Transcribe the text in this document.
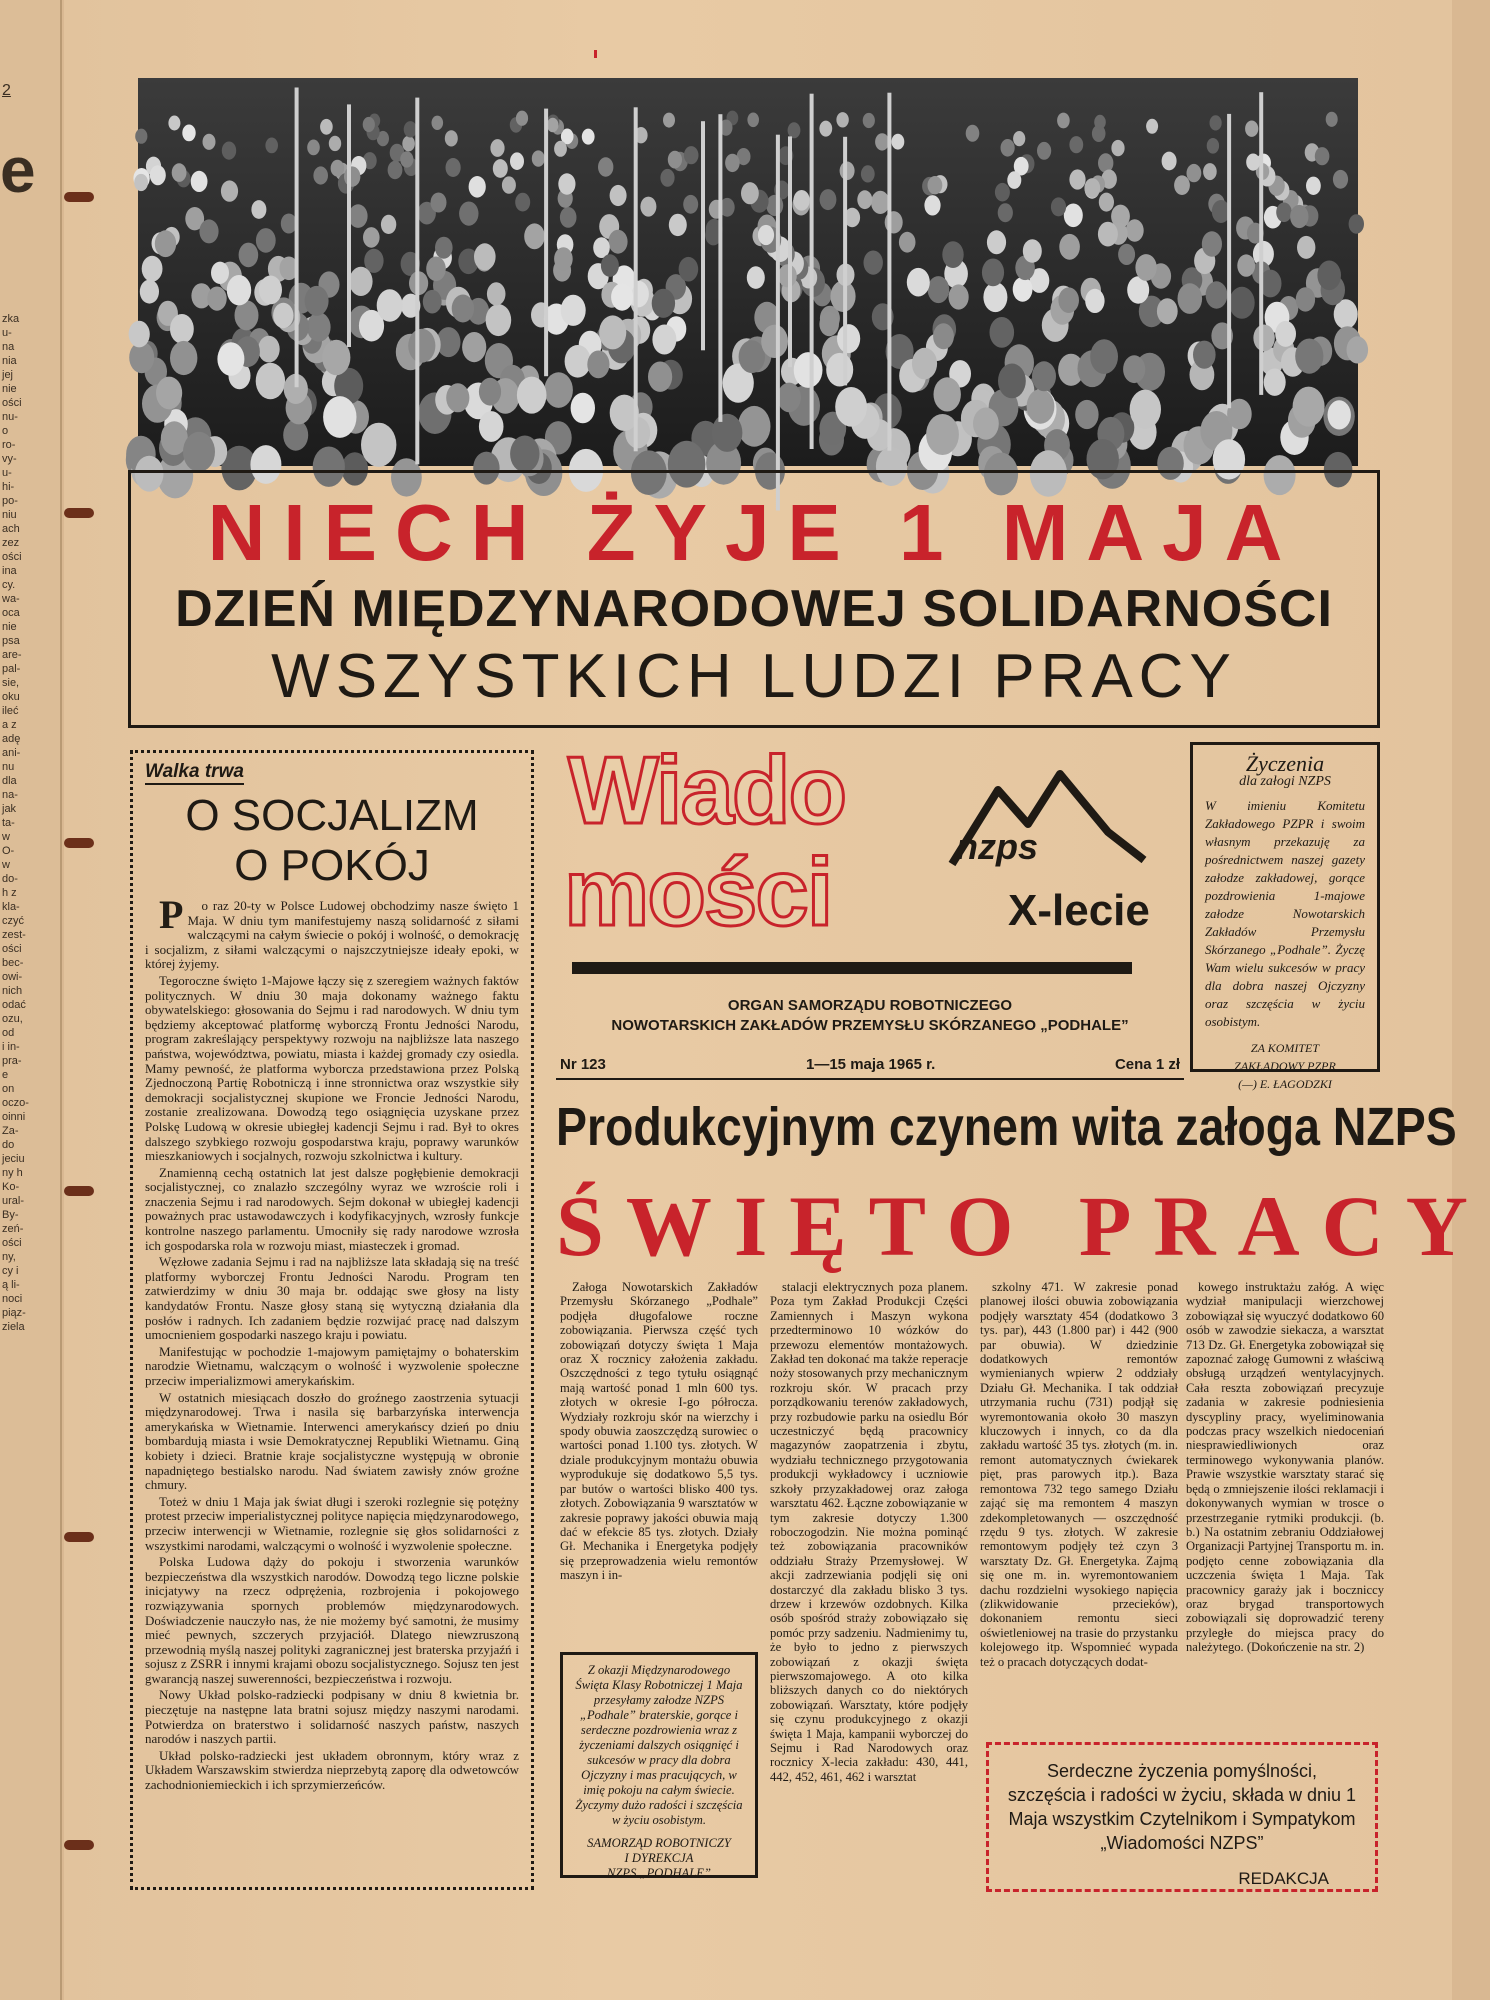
2
e
zka
u-
na
nia
jej
nie
ości
nu-
o
ro-
vy-
u-
hi-
po-
niu
ach
zez
ości
ina
cy.
wa-
oca
nie
psa
are-
pal-
sie,
oku
ileć
a z
adę
ani-
nu
dla
na-
jak
ta-
w
O-
w
do-
h z
kla-
czyć
zest-
ości
bec-
owi-
nich
odać
ozu,
od
i in-
pra-
e
on
oczo-
oinni
Za-
do
jeciu
ny h
Ko-
ural-
By-
zeń-
ości
ny,
cy i
ą li-
noci
piąz-
ziela
NIECH ŻYJE 1 MAJA
DZIEŃ MIĘDZYNARODOWEJ SOLIDARNOŚCI
WSZYSTKICH LUDZI PRACY
Walka trwa
O SOCJALIZM
O POKÓJ

Po raz 20-ty w Polsce Ludowej obchodzimy nasze święto 1 Maja. W dniu tym manifestujemy naszą solidarność z siłami walczącymi na całym świecie o pokój i wolność, o demokrację i socjalizm, z siłami walczącymi o najszczytniejsze ideały epoki, w której żyjemy.

Tegoroczne święto 1-Majowe łączy się z szeregiem ważnych faktów politycznych. W dniu 30 maja dokonamy ważnego faktu obywatelskiego: głosowania do Sejmu i rad narodowych. W dniu tym będziemy akceptować platformę wyborczą Frontu Jedności Narodu, program zakreślający perspektywy rozwoju na najbliższe lata naszego państwa, województwa, powiatu, miasta i każdej gromady czy osiedla. Mamy pewność, że platforma wyborcza przedstawiona przez Polską Zjednoczoną Partię Robotniczą i inne stronnictwa oraz wszystkie siły demokracji socjalistycznej skupione we Froncie Jedności Narodu, zostanie zrealizowana. Dowodzą tego osiągnięcia uzyskane przez Polskę Ludową w okresie ubiegłej kadencji Sejmu i rad. Był to okres dalszego szybkiego rozwoju gospodarstwa kraju, poprawy warunków mieszkaniowych i socjalnych, rozwoju szkolnictwa i kultury.

Znamienną cechą ostatnich lat jest dalsze pogłębienie demokracji socjalistycznej, co znalazło szczególny wyraz we wzroście roli i znaczenia Sejmu i rad narodowych. Sejm dokonał w ubiegłej kadencji poważnych prac ustawodawczych i kodyfikacyjnych, wzrosły funkcje kontrolne naszego parlamentu. Umocniły się rady narodowe wzrosła ich gospodarska rola w rozwoju miast, miasteczek i gromad.

Węzłowe zadania Sejmu i rad na najbliższe lata składają się na treść platformy wyborczej Frontu Jedności Narodu. Program ten zatwierdzimy w dniu 30 maja br. oddając swe głosy na listy kandydatów Frontu. Nasze głosy staną się wytyczną działania dla posłów i radnych. Ich zadaniem będzie rozwijać pracę nad dalszym umocnieniem gospodarki naszego kraju i powiatu.

Manifestując w pochodzie 1-majowym pamiętajmy o bohaterskim narodzie Wietnamu, walczącym o wolność i wyzwolenie społeczne przeciw imperializmowi amerykańskim.

W ostatnich miesiącach doszło do groźnego zaostrzenia sytuacji międzynarodowej. Trwa i nasila się barbarzyńska interwencja amerykańska w Wietnamie. Interwenci amerykańscy dzień po dniu bombardują miasta i wsie Demokratycznej Republiki Wietnamu. Giną kobiety i dzieci. Bratnie kraje socjalistyczne występują w obronie napadniętego bestialsko narodu. Nad światem zawisły znów groźne chmury.

Toteż w dniu 1 Maja jak świat długi i szeroki rozlegnie się potężny protest przeciw imperialistycznej polityce napięcia międzynarodowego, przeciw interwencji w Wietnamie, rozlegnie się głos solidarności z wszystkimi narodami, walczącymi o wolność i wyzwolenie społeczne.

Polska Ludowa dąży do pokoju i stworzenia warunków bezpieczeństwa dla wszystkich narodów. Dowodzą tego liczne polskie inicjatywy na rzecz odprężenia, rozbrojenia i pokojowego rozwiązywania spornych problemów międzynarodowych. Doświadczenie nauczyło nas, że nie możemy być samotni, że musimy mieć pewnych, szczerych przyjaciół. Dlatego niewzruszoną przewodnią myślą naszej polityki zagranicznej jest braterska przyjaźń i sojusz z ZSRR i innymi krajami obozu socjalistycznego. Sojusz ten jest gwarancją naszej suwerenności, bezpieczeństwa i rozwoju.

Nowy Układ polsko-radziecki podpisany w dniu 8 kwietnia br. pieczętuje na następne lata bratni sojusz między naszymi narodami. Potwierdza on braterstwo i solidarność naszych państw, naszych narodów i naszych partii.

Układ polsko-radziecki jest układem obronnym, który wraz z Układem Warszawskim stwierdza nieprzebytą zaporę dla odwetowców zachodnioniemieckich i ich sprzymierzeńców.

Wiado
mości	nzps
X-lecie
ORGAN SAMORZĄDU ROBOTNICZEGO
NOWOTARSKICH ZAKŁADÓW PRZEMYSŁU SKÓRZANEGO „PODHALE”
Nr 123	1—15 maja 1965 r.	Cena 1 zł
Życzenia
dla załogi NZPS
W imieniu Komitetu Zakładowego PZPR i swoim własnym przekazuję za pośrednictwem naszej gazety załodze zakładowej, gorące pozdrowienia 1-majowe załodze Nowotarskich Zakładów Przemysłu Skórzanego „Podhale”. Życzę Wam wielu sukcesów w pracy dla dobra naszej Ojczyzny oraz szczęścia w życiu osobistym.
ZA KOMITET
ZAKŁADOWY PZPR
(—) E. ŁAGODZKI
Produkcyjnym czynem wita załoga NZPS
ŚWIĘTO PRACY

Załoga Nowotarskich Zakładów Przemysłu Skórzanego „Podhale” podjęła długofalowe roczne zobowiązania. Pierwsza część tych zobowiązań dotyczy święta 1 Maja oraz X rocznicy założenia zakładu. Oszczędności z tego tytułu osiągnąć mają wartość ponad 1 mln 600 tys. złotych w okresie I-go półrocza. Wydziały rozkroju skór na wierzchy i spody obuwia zaoszczędzą surowiec o wartości ponad 1.100 tys. złotych. W dziale produkcyjnym montażu obuwia wyprodukuje się dodatkowo 5,5 tys. par butów o wartości blisko 400 tys. złotych. Zobowiązania 9 warsztatów w zakresie poprawy jakości obuwia mają dać w efekcie 85 tys. złotych. Działy Gł. Mechanika i Energetyka podjęły się przeprowadzenia wielu remontów maszyn i in-

stalacji elektrycznych poza planem. Poza tym Zakład Produkcji Części Zamiennych i Maszyn wykona przedterminowo 10 wózków do przewozu elementów montażowych. Zakład ten dokonać ma także reperacje noży stosowanych przy mechanicznym rozkroju skór. W pracach przy porządkowaniu terenów zakładowych, przy rozbudowie parku na osiedlu Bór uczestniczyć będą pracownicy magazynów zaopatrzenia i zbytu, wydziału technicznego przygotowania produkcji wykładowcy i uczniowie szkoły przyzakładowej oraz załoga warsztatu 462. Łączne zobowiązanie w tym zakresie dotyczy 1.300 roboczogodzin. Nie można pominąć też zobowiązania pracowników oddziału Straży Przemysłowej. W akcji zadrzewiania podjęli się oni dostarczyć dla zakładu blisko 3 tys. drzew i krzewów ozdobnych. Kilka osób spośród straży zobowiązało się pomóc przy sadzeniu. Nadmienimy tu, że było to jedno z pierwszych zobowiązań z okazji święta pierwszomajowego. A oto kilka bliższych danych co do niektórych zobowiązań. Warsztaty, które podjęły się czynu produkcyjnego z okazji święta 1 Maja, kampanii wyborczej do Sejmu i Rad Narodowych oraz rocznicy X-lecia zakładu: 430, 441, 442, 452, 461, 462 i warsztat

szkolny 471. W zakresie ponad planowej ilości obuwia zobowiązania podjęły warsztaty 454 (dodatkowo 3 tys. par), 443 (1.800 par) i 442 (900 par obuwia). W dziedzinie dodatkowych remontów wymienianych wpierw 2 oddziały Działu Gł. Mechanika. I tak oddział utrzymania ruchu (731) podjął się wyremontowania około 30 maszyn kluczowych i innych, co da dla zakładu wartość 35 tys. złotych (m. in. remont automatycznych ćwiekarek pięt, pras parowych itp.). Baza remontowa 732 tego samego Działu zająć się ma remontem 4 maszyn zdekompletowanych — oszczędność rzędu 9 tys. złotych. W zakresie remontowym podjęły też czyn 3 warsztaty Dz. Gł. Energetyka. Zajmą się one m. in. wyremontowaniem dachu rozdzielni wysokiego napięcia (zlikwidowanie przecieków), dokonaniem remontu sieci oświetleniowej na trasie do przystanku kolejowego itp. Wspomnieć wypada też o pracach dotyczących dodat-

kowego instruktażu załóg. A więc wydział manipulacji wierzchowej zobowiązał się wyuczyć dodatkowo 60 osób w zawodzie siekacza, a warsztat 713 Dz. Gł. Energetyka zobowiązał się zapoznać załogę Gumowni z właściwą obsługą urządzeń wentylacyjnych. Cała reszta zobowiązań precyzuje zadania w zakresie podniesienia dyscypliny pracy, wyeliminowania podczas pracy wszelkich niedoceniań niesprawiedliwionych oraz terminowego wykonywania planów. Prawie wszystkie warsztaty starać się będą o zmniejszenie ilości reklamacji i dokonywanych wymian w trosce o przestrzeganie rytmiki produkcji. (b. b.) Na ostatnim zebraniu Oddziałowej Organizacji Partyjnej Transportu m. in. podjęto cenne zobowiązania dla uczczenia święta 1 Maja. Tak pracownicy garaży jak i boczniccy oraz brygad transportowych zobowiązali się doprowadzić tereny przyległe do miejsca pracy do należytego. (Dokończenie na str. 2)

Z okazji Międzynarodowego Święta Klasy Robotniczej 1 Maja przesyłamy załodze NZPS „Podhale” braterskie, gorące i serdeczne pozdrowienia wraz z życzeniami dalszych osiągnięć i sukcesów w pracy dla dobra Ojczyzny i mas pracujących, w imię pokoju na całym świecie. Życzymy dużo radości i szczęścia w życiu osobistym.
SAMORZĄD ROBOTNICZY
I DYREKCJA
NZPS „PODHALE”
Serdeczne życzenia pomyślności, szczęścia i radości w życiu, składa w dniu 1 Maja wszystkim Czytelnikom i Sympatykom „Wiadomości NZPS”
REDAKCJA
